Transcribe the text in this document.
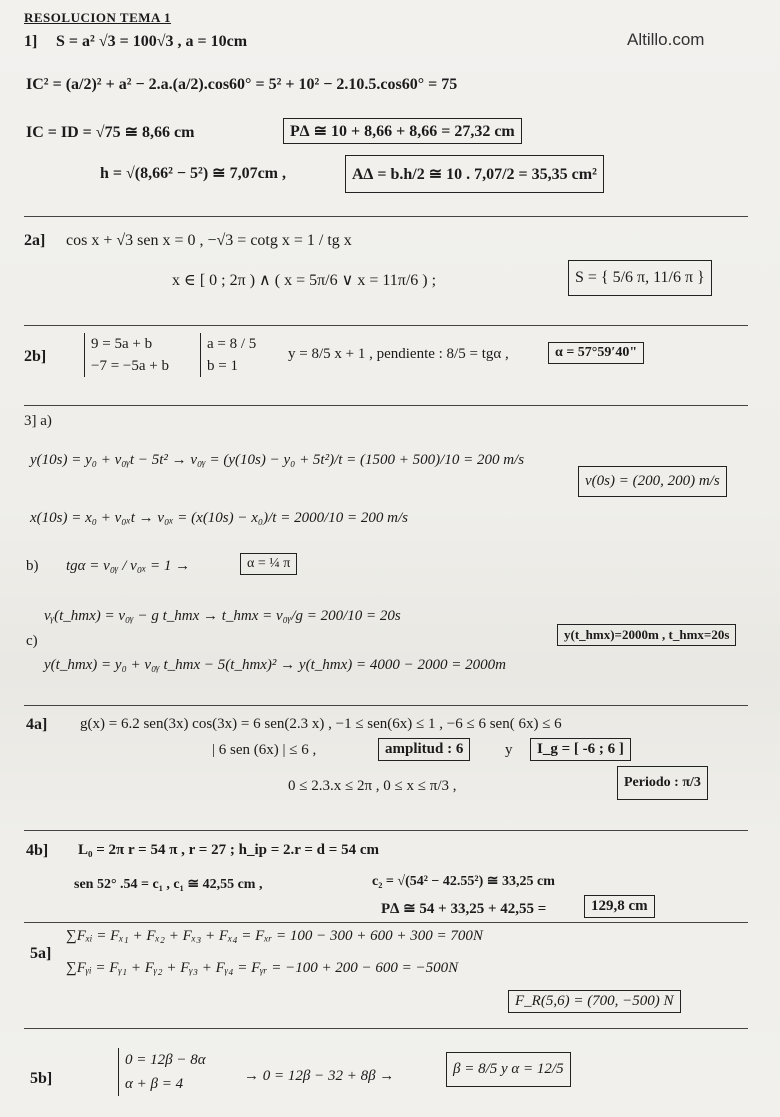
Altillo.com
RESOLUCION TEMA 1
1] S = a² √3 = 100√3 , a = 10cm
IC² = (a/2)² + a² − 2.a.(a/2).cos60° = 5² + 10² − 2.10.5.cos60° = 75
IC = ID = √75 ≅ 8,66 cm	P∆ ≅ 10 + 8,66 + 8,66 = 27,32 cm
h = √(8,66² − 5²) ≅ 7,07cm ,	A∆ = b.h/2 ≅ 10 . 7,07/2 = 35,35 cm²
2a] cos x + √3 sen x = 0 , −√3 = cotg x = 1 / tg x
x ∈ [ 0 ; 2π ) ∧ ( x = 5π/6 ∨ x = 11π/6 ) ;	S = { 5/6 π, 11/6 π }
2b]
9 = 5a + b
−7 = −5a + b
a = 8 / 5
b = 1
y = 8/5 x + 1 , pendiente : 8/5 = tgα ,	α = 57°59′40"
3] a)
y(10s) = y₀ + v₀ᵧt − 5t² → v₀ᵧ = (y(10s) − y₀ + 5t²)/t = (1500 + 500)/10 = 200 m/s
v(0s) = (200, 200) m/s
x(10s) = x₀ + v₀ₓt → v₀ₓ = (x(10s) − x₀)/t = 2000/10 = 200 m/s
b) tgα = v₀ᵧ / v₀ₓ = 1 →	α = ¼ π
vᵧ(t_hmx) = v₀ᵧ − g t_hmx → t_hmx = v₀ᵧ/g = 200/10 = 20s
c)	y(t_hmx)=2000m , t_hmx=20s
y(t_hmx) = y₀ + v₀ᵧ t_hmx − 5(t_hmx)² → y(t_hmx) = 4000 − 2000 = 2000m
4a] g(x) = 6.2 sen(3x) cos(3x) = 6 sen(2.3 x) , −1 ≤ sen(6x) ≤ 1 , −6 ≤ 6 sen( 6x) ≤ 6
| 6 sen (6x) | ≤ 6 ,	amplitud : 6	y	I_g = [ -6 ; 6 ]
0 ≤ 2.3.x ≤ 2π , 0 ≤ x ≤ π/3 ,	Periodo : π/3
4b] L₀ = 2π r = 54 π , r = 27 ; h_ip = 2.r = d = 54 cm
sen 52° .54 = c₁ , c₁ ≅ 42,55 cm ,	c₂ = √(54² − 42.55²) ≅ 33,25 cm
P∆ ≅ 54 + 33,25 + 42,55 =	129,8 cm
5a]
∑Fₓᵢ = Fₓ₁ + Fₓ₂ + Fₓ₃ + Fₓ₄ = Fₓᵣ = 100 − 300 + 600 + 300 = 700N
∑Fᵧᵢ = Fᵧ₁ + Fᵧ₂ + Fᵧ₃ + Fᵧ₄ = Fᵧᵣ = −100 + 200 − 600 = −500N
F_R(5,6) = (700, −500) N
5b]
0 = 12β − 8α
α + β = 4	→ 0 = 12β − 32 + 8β →	β = 8/5 y α = 12/5
